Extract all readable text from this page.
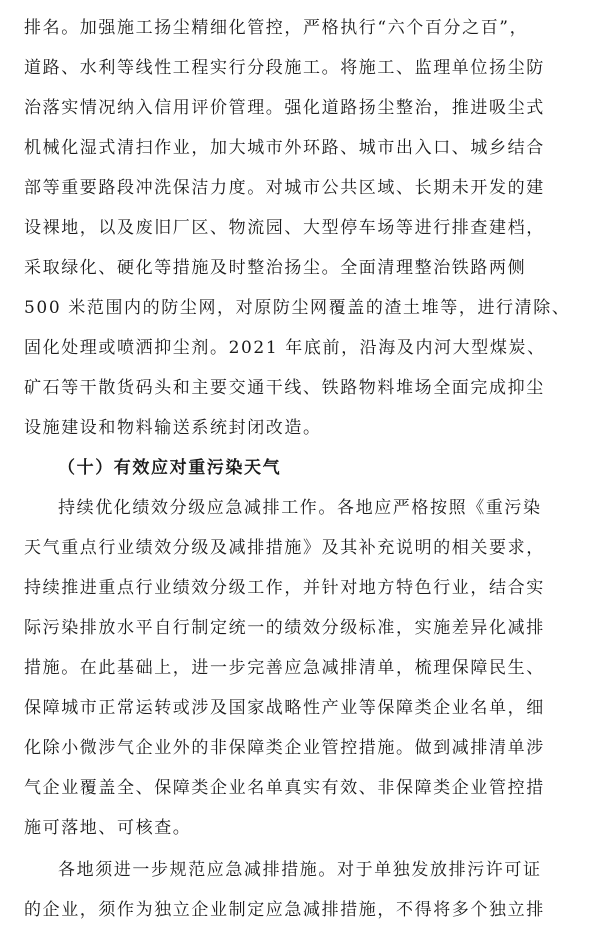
排名。加强施工扬尘精细化管控，严格执行“六个百分之百”，
道路、水利等线性工程实行分段施工。将施工、监理单位扬尘防
治落实情况纳入信用评价管理。强化道路扬尘整治，推进吸尘式
机械化湿式清扫作业，加大城市外环路、城市出入口、城乡结合
部等重要路段冲洗保洁力度。对城市公共区域、长期未开发的建
设裸地，以及废旧厂区、物流园、大型停车场等进行排查建档，
采取绿化、硬化等措施及时整治扬尘。全面清理整治铁路两侧
500 米范围内的防尘网，对原防尘网覆盖的渣土堆等，进行清除、
固化处理或喷洒抑尘剂。2021 年底前，沿海及内河大型煤炭、
矿石等干散货码头和主要交通干线、铁路物料堆场全面完成抑尘
设施建设和物料输送系统封闭改造。
（十）有效应对重污染天气
持续优化绩效分级应急减排工作。各地应严格按照《重污染
天气重点行业绩效分级及减排措施》及其补充说明的相关要求，
持续推进重点行业绩效分级工作，并针对地方特色行业，结合实
际污染排放水平自行制定统一的绩效分级标准，实施差异化减排
措施。在此基础上，进一步完善应急减排清单，梳理保障民生、
保障城市正常运转或涉及国家战略性产业等保障类企业名单，细
化除小微涉气企业外的非保障类企业管控措施。做到减排清单涉
气企业覆盖全、保障类企业名单真实有效、非保障类企业管控措
施可落地、可核查。
各地须进一步规范应急减排措施。对于单独发放排污许可证
的企业，须作为独立企业制定应急减排措施，不得将多个独立排
